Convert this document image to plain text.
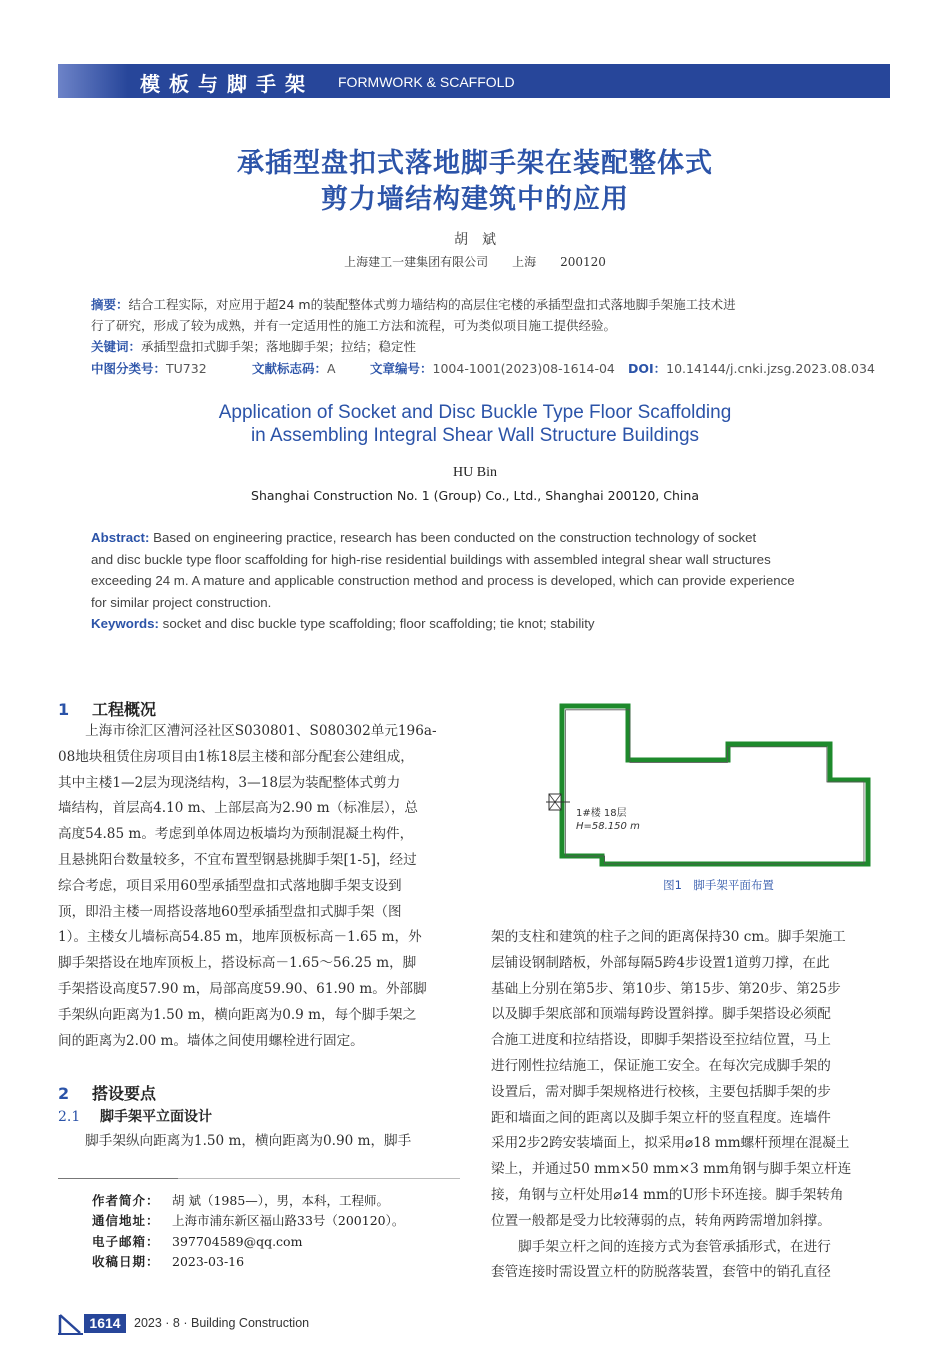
模板与脚手架 FORMWORK & SCAFFOLD
承插型盘扣式落地脚手架在装配整体式
剪力墙结构建筑中的应用
胡　斌
上海建工一建集团有限公司　　上海　　200120
摘要：结合工程实际，对应用于超24 m的装配整体式剪力墙结构的高层住宅楼的承插型盘扣式落地脚手架施工技术进
行了研究，形成了较为成熟，并有一定适用性的施工方法和流程，可为类似项目施工提供经验。
关键词：承插型盘扣式脚手架；落地脚手架；拉结；稳定性
中图分类号：TU732	文献标志码：A	文章编号：1004-1001(2023)08-1614-04 DOI：10.14144/j.cnki.jzsg.2023.08.034
Application of Socket and Disc Buckle Type Floor Scaffolding
in Assembling Integral Shear Wall Structure Buildings
HU Bin
Shanghai Construction No. 1 (Group) Co., Ltd., Shanghai 200120, China
Abstract: Based on engineering practice, research has been conducted on the construction technology of socket
and disc buckle type floor scaffolding for high-rise residential buildings with assembled integral shear wall structures
exceeding 24 m. A mature and applicable construction method and process is developed, which can provide experience
for similar project construction.
Keywords: socket and disc buckle type scaffolding; floor scaffolding; tie knot; stability
1 工程概况

　　上海市徐汇区漕河泾社区S030801、S080302单元196a-

08地块租赁住房项目由1栋18层主楼和部分配套公建组成，

其中主楼1—2层为现浇结构，3—18层为装配整体式剪力

墙结构，首层高4.10 m、上部层高为2.90 m（标准层），总

高度54.85 m。考虑到单体周边板墙均为预制混凝土构件，

且悬挑阳台数量较多，不宜布置型钢悬挑脚手架[1-5]，经过

综合考虑，项目采用60型承插型盘扣式落地脚手架支设到

顶，即沿主楼一周搭设落地60型承插型盘扣式脚手架（图

1）。主楼女儿墙标高54.85 m，地库顶板标高－1.65 m，外

脚手架搭设在地库顶板上，搭设标高－1.65～56.25 m，脚

手架搭设高度57.90 m，局部高度59.90、61.90 m。外部脚

手架纵向距离为1.50 m，横向距离为0.9 m，每个脚手架之

间的距离为2.00 m。墙体之间使用螺栓进行固定。

2 搭设要点
2.1 脚手架平立面设计

　　脚手架纵向距离为1.50 m，横向距离为0.90 m，脚手

1#楼 18层
H=58.150 m
图1　脚手架平面布置

架的支柱和建筑的柱子之间的距离保持30 cm。脚手架施工

层铺设钢制踏板，外部每隔5跨4步设置1道剪刀撑，在此

基础上分别在第5步、第10步、第15步、第20步、第25步

以及脚手架底部和顶端每跨设置斜撑。脚手架搭设必须配

合施工进度和拉结搭设，即脚手架搭设至拉结位置，马上

进行刚性拉结施工，保证施工安全。在每次完成脚手架的

设置后，需对脚手架规格进行校核，主要包括脚手架的步

距和墙面之间的距离以及脚手架立杆的竖直程度。连墙件

采用2步2跨安装墙面上，拟采用⌀18 mm螺杆预埋在混凝土

梁上，并通过50 mm×50 mm×3 mm角钢与脚手架立杆连

接，角钢与立杆处用⌀14 mm的U形卡环连接。脚手架转角

位置一般都是受力比较薄弱的点，转角两跨需增加斜撑。

　　脚手架立杆之间的连接方式为套管承插形式，在进行

套管连接时需设置立杆的防脱落装置，套管中的销孔直径

作者简介： 胡 斌（1985—），男，本科，工程师。
通信地址： 上海市浦东新区福山路33号（200120）。
电子邮箱： 397704589@qq.com
收稿日期： 2023-03-16
1614	2023 · 8 · Building Construction
